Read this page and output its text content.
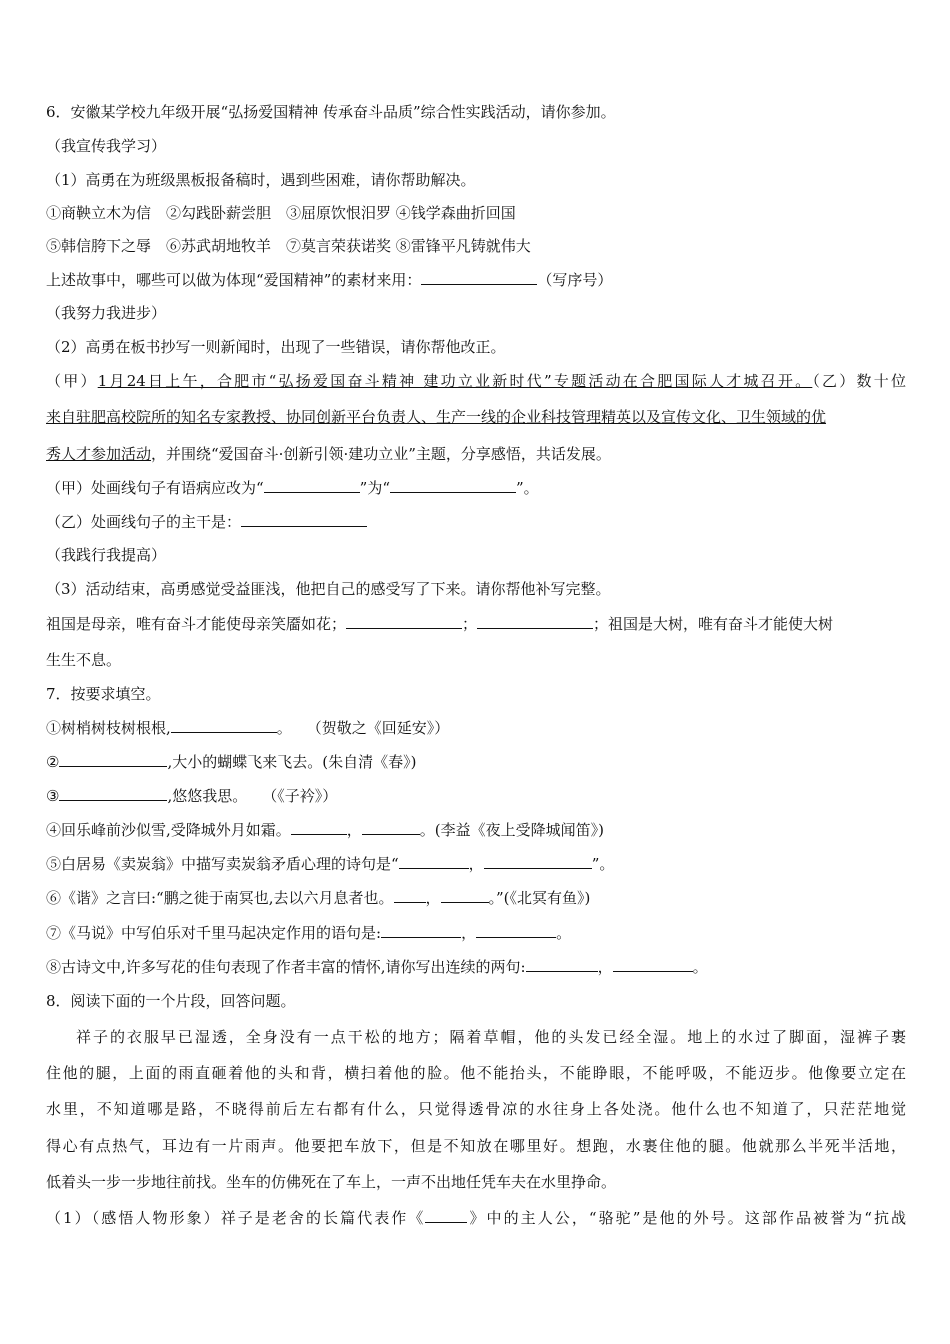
6．安徽某学校九年级开展“弘扬爱国精神 传承奋斗品质”综合性实践活动，请你参加。
（我宣传我学习）
（1）高勇在为班级黑板报备稿时，遇到些困难，请你帮助解决。
①商鞅立木为信　②勾践卧薪尝胆　③屈原饮恨汨罗 ④钱学森曲折回国
⑤韩信胯下之辱　⑥苏武胡地牧羊　⑦莫言荣获诺奖 ⑧雷锋平凡铸就伟大
上述故事中，哪些可以做为体现“爱国精神”的素材来用：	（写序号）
（我努力我进步）
（2）高勇在板书抄写一则新闻时，出现了一些错误，请你帮他改正。
（甲）1月24日上午，合肥市“弘扬爱国奋斗精神 建功立业新时代”专题活动在合肥国际人才城召开。（乙）数十位
来自驻肥高校院所的知名专家教授、协同创新平台负责人、生产一线的企业科技管理精英以及宣传文化、卫生领域的优
秀人才参加活动，并围绕“爱国奋斗·创新引领·建功立业”主题，分享感悟，共话发展。
（甲）处画线句子有语病应改为“	”为“	”。
（乙）处画线句子的主干是：
（我践行我提高）
（3）活动结束，高勇感觉受益匪浅，他把自己的感受写了下来。请你帮他补写完整。
祖国是母亲，唯有奋斗才能使母亲笑靥如花；	；	；祖国是大树，唯有奋斗才能使大树
生生不息。
7．按要求填空。
①树梢树枝树根根,	。　　（贺敬之《回延安》）
②	,大小的蝴蝶飞来飞去。(朱自清《春》)
③	,悠悠我思。　　（《子衿》）
④回乐峰前沙似雪,受降城外月如霜。	，	。(李益《夜上受降城闻笛》)
⑤白居易《卖炭翁》中描写卖炭翁矛盾心理的诗句是“	，	”。
⑥《谐》之言曰:“鹏之徙于南冥也,去以六月息者也。 ，	。”(《北冥有鱼》)
⑦《马说》中写伯乐对千里马起决定作用的语句是:	，	。
⑧古诗文中,许多写花的佳句表现了作者丰富的情怀,请你写出连续的两句:	，	。
8．阅读下面的一个片段，回答问题。
祥子的衣服早已湿透，全身没有一点干松的地方；隔着草帽，他的头发已经全湿。地上的水过了脚面，湿裤子裹
住他的腿，上面的雨直砸着他的头和背，横扫着他的脸。他不能抬头，不能睁眼，不能呼吸，不能迈步。他像要立定在
水里，不知道哪是路，不晓得前后左右都有什么，只觉得透骨凉的水往身上各处浇。他什么也不知道了，只茫茫地觉
得心有点热气，耳边有一片雨声。他要把车放下，但是不知放在哪里好。想跑，水裹住他的腿。他就那么半死半活地，
低着头一步一步地往前找。坐车的仿佛死在了车上，一声不出地任凭车夫在水里挣命。
（1）（感悟人物形象）祥子是老舍的长篇代表作《	》中的主人公，“骆驼”是他的外号。这部作品被誉为“抗战
